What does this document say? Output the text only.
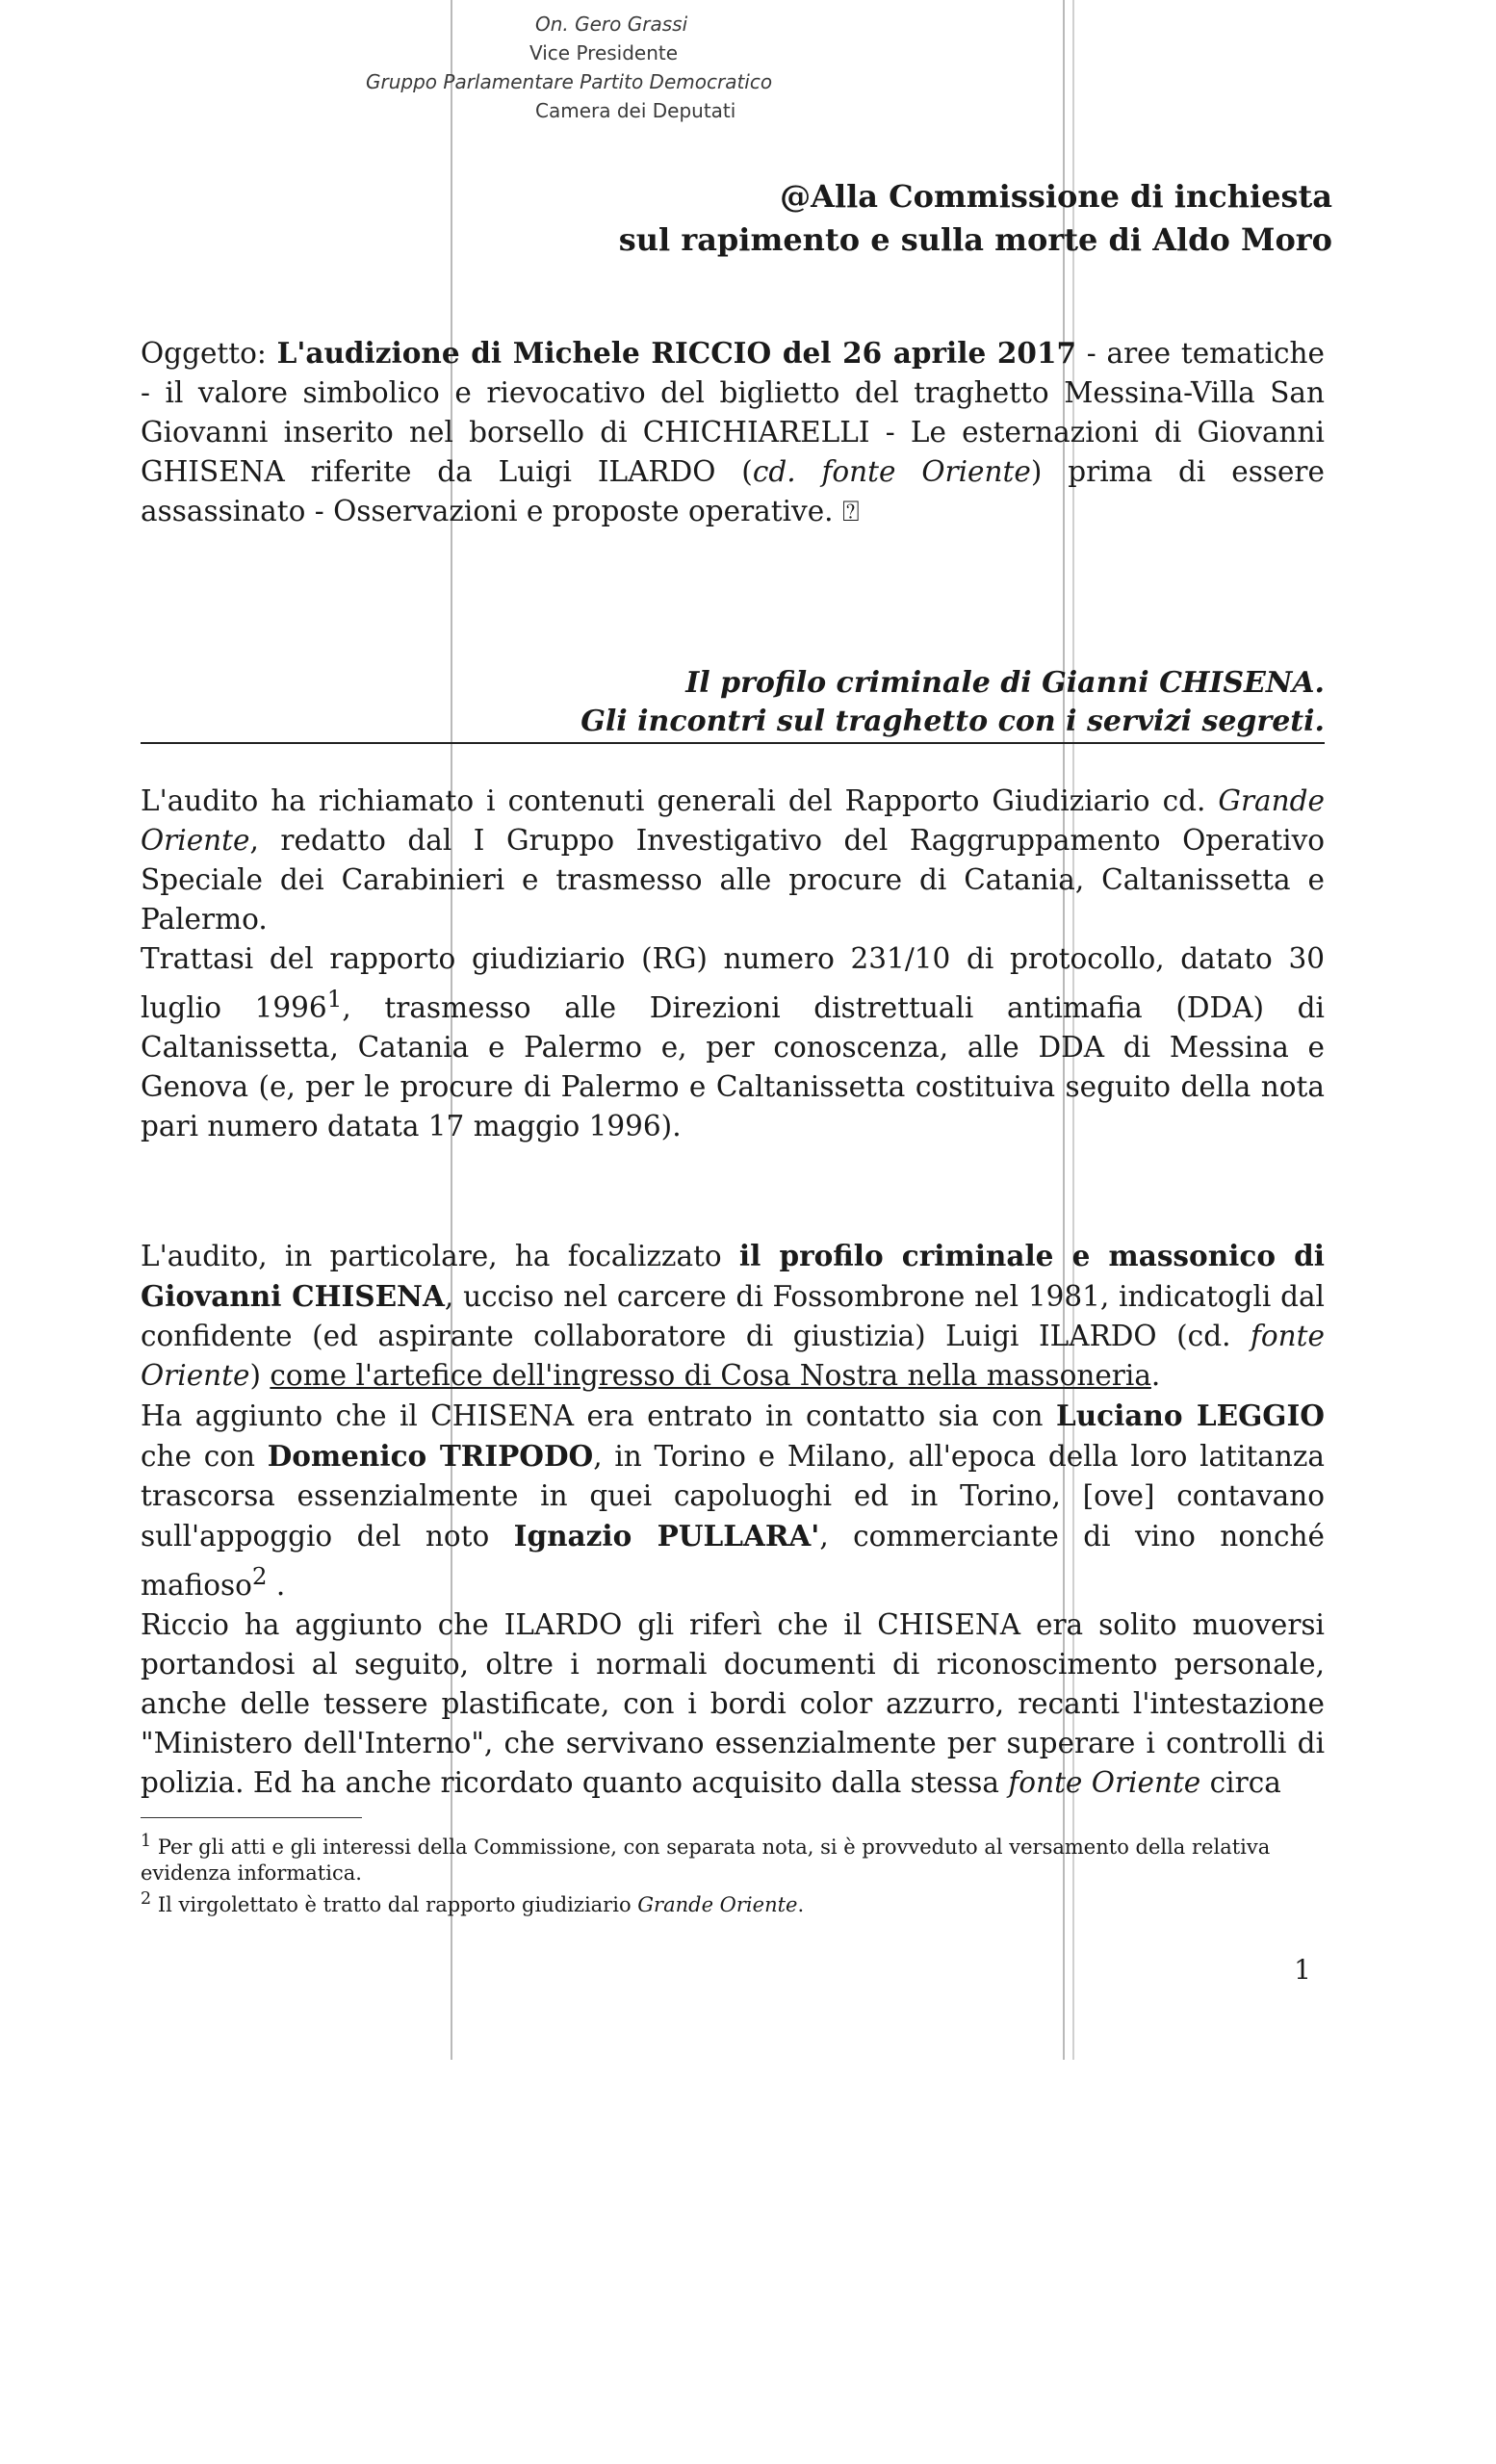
On. Gero Grassi
Vice Presidente
Gruppo Parlamentare Partito Democratico
Camera dei Deputati
@Alla Commissione di inchiesta
sul rapimento e sulla morte di Aldo Moro
Oggetto: L'audizione di Michele RICCIO del 26 aprile 2017 - aree tematiche - il valore simbolico e rievocativo del biglietto del traghetto Messina-Villa San Giovanni inserito nel borsello di CHICHIARELLI - Le esternazioni di Giovanni GHISENA riferite da Luigi ILARDO (cd. fonte Oriente) prima di essere assassinato - Osservazioni e proposte operative. ⍰
Il profilo criminale di Gianni CHISENA.
Gli incontri sul traghetto con i servizi segreti.

L'audito ha richiamato i contenuti generali del Rapporto Giudiziario cd. Grande Oriente, redatto dal I Gruppo Investigativo del Raggruppamento Operativo Speciale dei Carabinieri e trasmesso alle procure di Catania, Caltanissetta e Palermo.

Trattasi del rapporto giudiziario (RG) numero 231/10 di protocollo, datato 30 luglio 1996$^1$, trasmesso alle Direzioni distrettuali antimafia (DDA) di Caltanissetta, Catania e Palermo e, per conoscenza, alle DDA di Messina e Genova (e, per le procure di Palermo e Caltanissetta costituiva seguito della nota pari numero datata 17 maggio 1996).

L'audito, in particolare, ha focalizzato il profilo criminale e massonico di Giovanni CHISENA, ucciso nel carcere di Fossombrone nel 1981, indicatogli dal confidente (ed aspirante collaboratore di giustizia) Luigi ILARDO (cd. fonte Oriente) come l'artefice dell'ingresso di Cosa Nostra nella massoneria.

Ha aggiunto che il CHISENA era entrato in contatto sia con Luciano LEGGIO che con Domenico TRIPODO, in Torino e Milano, all'epoca della loro latitanza trascorsa essenzialmente in quei capoluoghi ed in Torino, [ove] contavano sull'appoggio del noto Ignazio PULLARA', commerciante di vino nonché mafioso$^2$ .

Riccio ha aggiunto che ILARDO gli riferì che il CHISENA era solito muoversi portandosi al seguito, oltre i normali documenti di riconoscimento personale, anche delle tessere plastificate, con i bordi color azzurro, recanti l'intestazione "Ministero dell'Interno", che servivano essenzialmente per superare i controlli di polizia. Ed ha anche ricordato quanto acquisito dalla stessa fonte Oriente circa

$^1$ Per gli atti e gli interessi della Commissione, con separata nota, si è provveduto al versamento della relativa evidenza informatica.

$^2$ Il virgolettato è tratto dal rapporto giudiziario Grande Oriente.

1
